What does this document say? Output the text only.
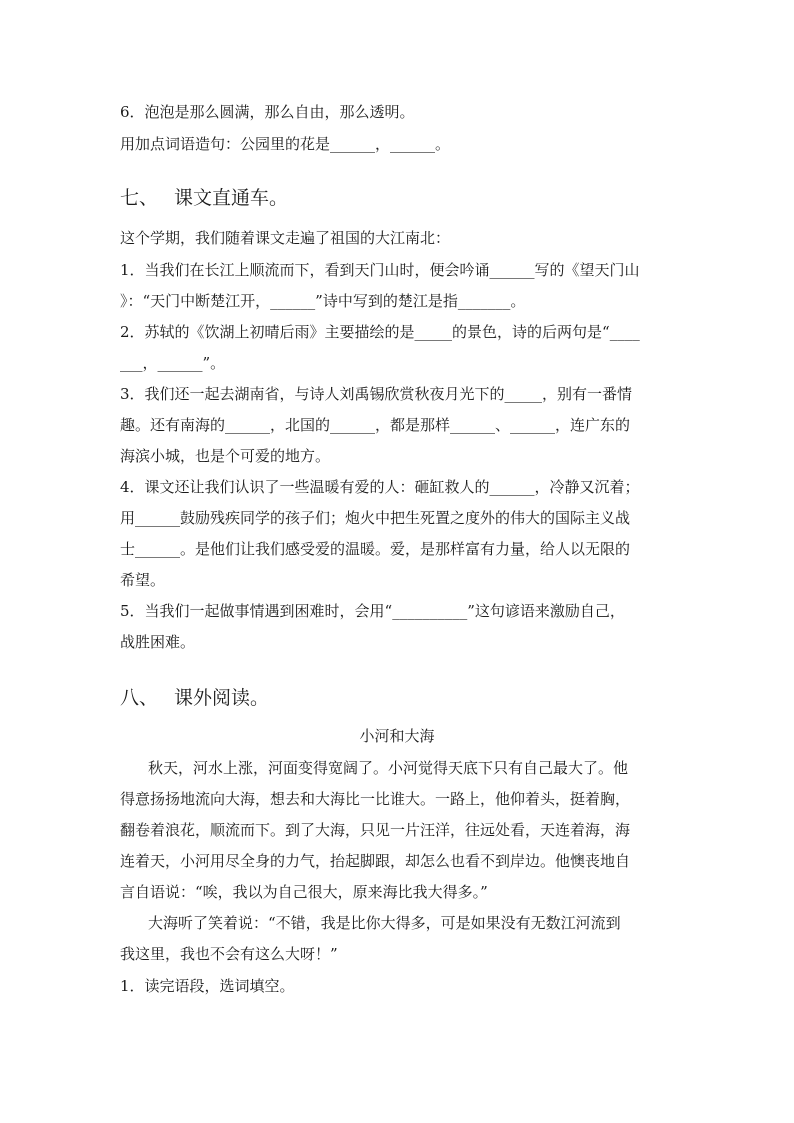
6．泡泡是那么圆满，那么自由，那么透明。
用加点词语造句：公园里的花是______，______。
七、 课文直通车。
这个学期，我们随着课文走遍了祖国的大江南北：
1．当我们在长江上顺流而下，看到天门山时，便会吟诵______写的《望天门山
》：“天门中断楚江开，______”诗中写到的楚江是指_______。
2．苏轼的《饮湖上初晴后雨》主要描绘的是_____的景色，诗的后两句是“____
___，______”。
3．我们还一起去湖南省，与诗人刘禹锡欣赏秋夜月光下的_____，别有一番情
趣。还有南海的______，北国的______，都是那样______、______，连广东的
海滨小城，也是个可爱的地方。
4．课文还让我们认识了一些温暖有爱的人：砸缸救人的______，冷静又沉着；
用______鼓励残疾同学的孩子们；炮火中把生死置之度外的伟大的国际主义战
士______。是他们让我们感受爱的温暖。爱，是那样富有力量，给人以无限的
希望。
5．当我们一起做事情遇到困难时，会用“__________”这句谚语来激励自己，
战胜困难。
八、 课外阅读。
小河和大海
秋天，河水上涨，河面变得宽阔了。小河觉得天底下只有自己最大了。他
得意扬扬地流向大海，想去和大海比一比谁大。一路上，他仰着头，挺着胸，
翻卷着浪花，顺流而下。到了大海，只见一片汪洋，往远处看，天连着海，海
连着天，小河用尽全身的力气，抬起脚跟，却怎么也看不到岸边。他懊丧地自
言自语说：“唉，我以为自己很大，原来海比我大得多。”
大海听了笑着说：“不错，我是比你大得多，可是如果没有无数江河流到
我这里，我也不会有这么大呀！”
1．读完语段，选词填空。
